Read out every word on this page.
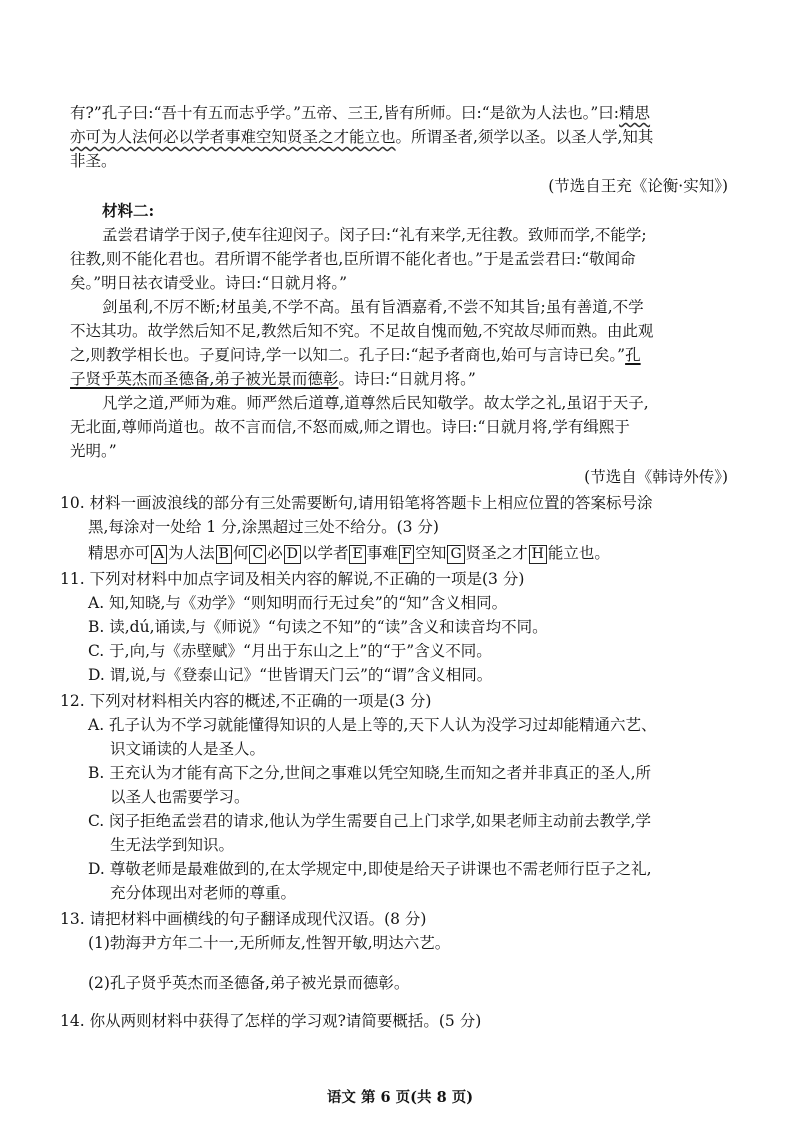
有?”孔子曰:“吾十有五而志乎学。”五帝、三王,皆有所师。曰:“是欲为人法也。”曰:精思
亦可为人法何必以学者事难空知贤圣之才能立也。所谓圣者,须学以圣。以圣人学,知其
非圣。
(节选自王充《论衡·实知》)
材料二:
孟尝君请学于闵子,使车往迎闵子。闵子曰:“礼有来学,无往教。致师而学,不能学;
往教,则不能化君也。君所谓不能学者也,臣所谓不能化者也。”于是孟尝君曰:“敬闻命
矣。”明日祛衣请受业。诗曰:“日就月将。”
剑虽利,不厉不断;材虽美,不学不高。虽有旨酒嘉肴,不尝不知其旨;虽有善道,不学
不达其功。故学然后知不足,教然后知不究。不足故自愧而勉,不究故尽师而熟。由此观
之,则教学相长也。子夏问诗,学一以知二。孔子曰:“起予者商也,始可与言诗已矣。”孔
子贤乎英杰而圣德备,弟子被光景而德彰。诗曰:“日就月将。”
凡学之道,严师为难。师严然后道尊,道尊然后民知敬学。故太学之礼,虽诏于天子,
无北面,尊师尚道也。故不言而信,不怒而威,师之谓也。诗曰:“日就月将,学有缉熙于
光明。”
(节选自《韩诗外传》)
10. 材料一画波浪线的部分有三处需要断句,请用铅笔将答题卡上相应位置的答案标号涂
黑,每涂对一处给 1 分,涂黑超过三处不给分。(3 分)
精思亦可 A 为人法 B 何 C 必 D 以学者 E 事难 F 空知 G 贤圣之才 H 能立也。
11. 下列对材料中加点字词及相关内容的解说,不正确的一项是(3 分)
A. 知,知晓,与《劝学》“则知明而行无过矣”的“知”含义相同。
B. 读,dú,诵读,与《师说》“句读之不知”的“读”含义和读音均不同。
C. 于,向,与《赤壁赋》“月出于东山之上”的“于”含义不同。
D. 谓,说,与《登泰山记》“世皆谓天门云”的“谓”含义相同。
12. 下列对材料相关内容的概述,不正确的一项是(3 分)
A. 孔子认为不学习就能懂得知识的人是上等的,天下人认为没学习过却能精通六艺、
识文诵读的人是圣人。
B. 王充认为才能有高下之分,世间之事难以凭空知晓,生而知之者并非真正的圣人,所
以圣人也需要学习。
C. 闵子拒绝孟尝君的请求,他认为学生需要自己上门求学,如果老师主动前去教学,学
生无法学到知识。
D. 尊敬老师是最难做到的,在太学规定中,即使是给天子讲课也不需老师行臣子之礼,
充分体现出对老师的尊重。
13. 请把材料中画横线的句子翻译成现代汉语。(8 分)
(1)勃海尹方年二十一,无所师友,性智开敏,明达六艺。
(2)孔子贤乎英杰而圣德备,弟子被光景而德彰。
14. 你从两则材料中获得了怎样的学习观?请简要概括。(5 分)
语文 第 6 页(共 8 页)
